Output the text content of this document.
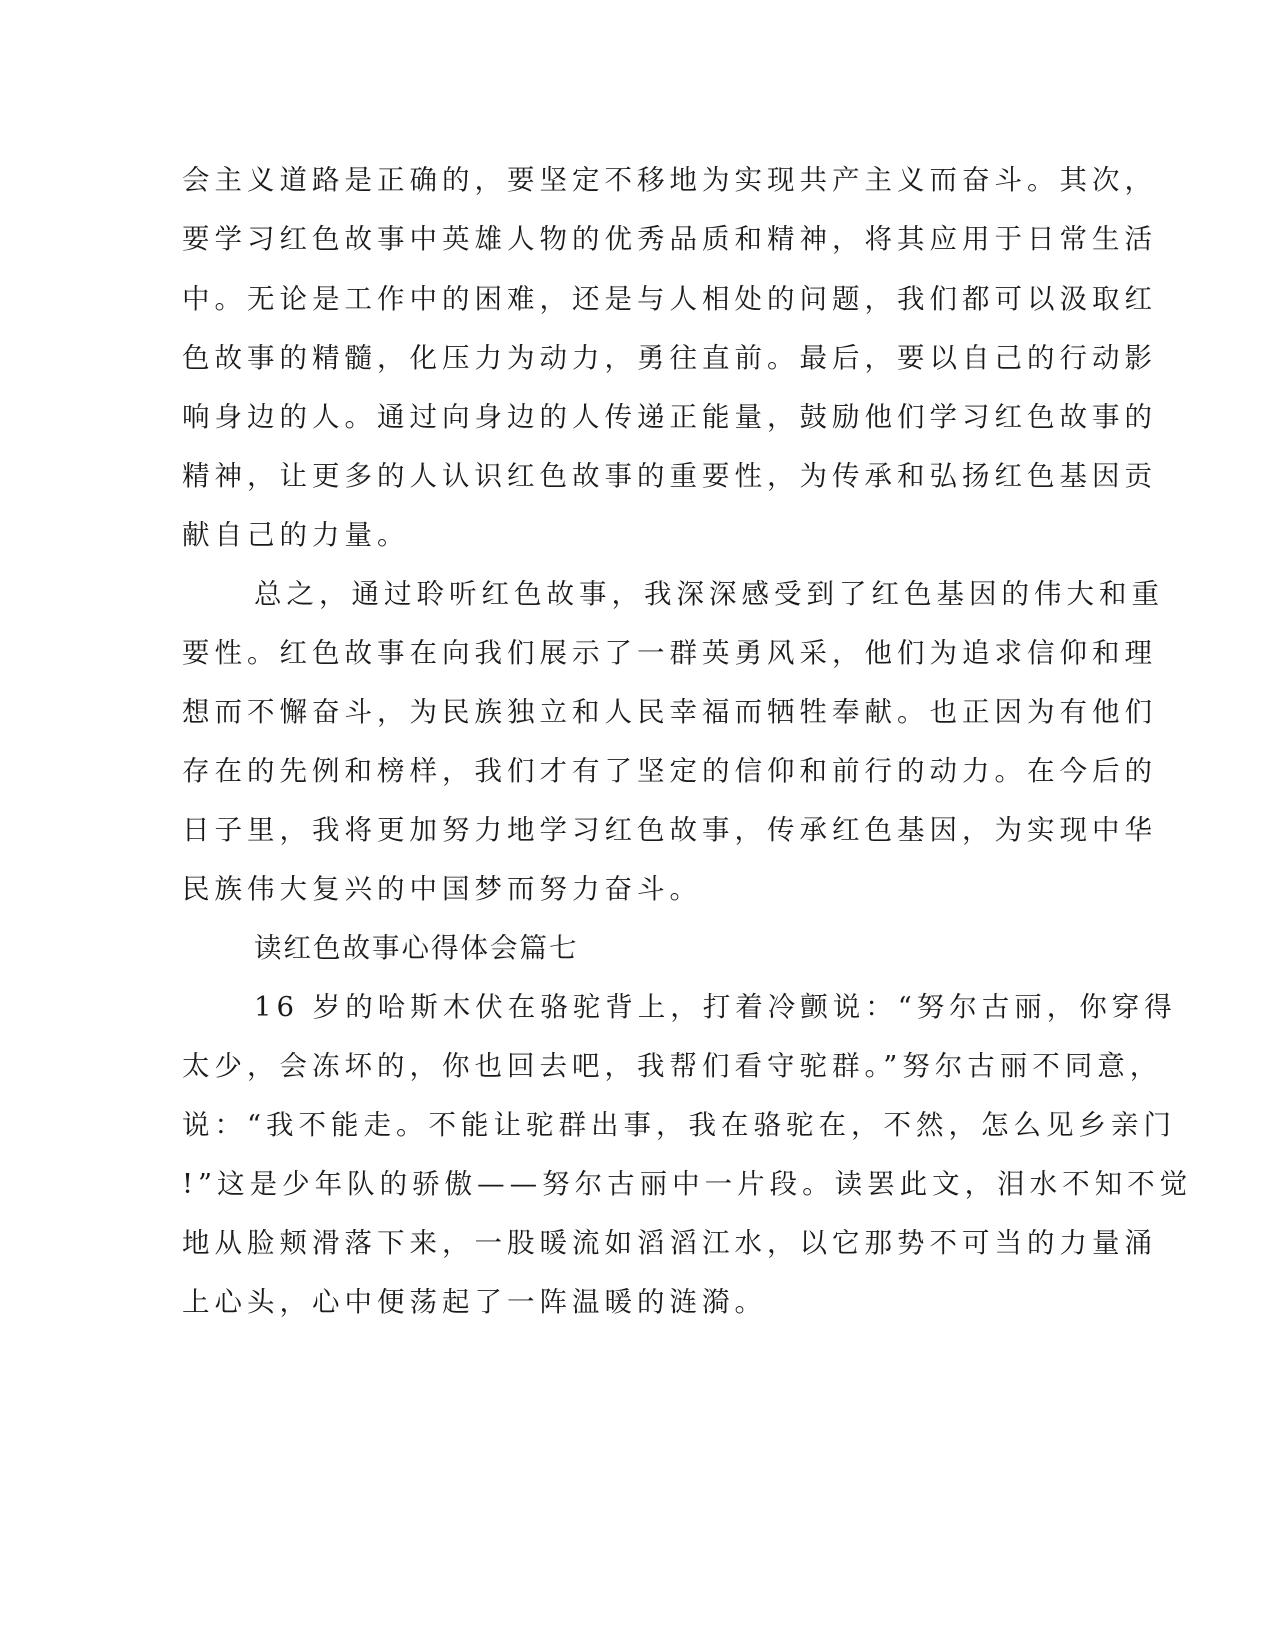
会主义道路是正确的，要坚定不移地为实现共产主义而奋斗。其次，
要学习红色故事中英雄人物的优秀品质和精神，将其应用于日常生活
中。无论是工作中的困难，还是与人相处的问题，我们都可以汲取红
色故事的精髓，化压力为动力，勇往直前。最后，要以自己的行动影
响身边的人。通过向身边的人传递正能量，鼓励他们学习红色故事的
精神，让更多的人认识红色故事的重要性，为传承和弘扬红色基因贡
献自己的力量。
总之，通过聆听红色故事，我深深感受到了红色基因的伟大和重
要性。红色故事在向我们展示了一群英勇风采，他们为追求信仰和理
想而不懈奋斗，为民族独立和人民幸福而牺牲奉献。也正因为有他们
存在的先例和榜样，我们才有了坚定的信仰和前行的动力。在今后的
日子里，我将更加努力地学习红色故事，传承红色基因，为实现中华
民族伟大复兴的中国梦而努力奋斗。
读红色故事心得体会篇七
16 岁的哈斯木伏在骆驼背上，打着冷颤说：“努尔古丽，你穿得
太少，会冻坏的，你也回去吧，我帮们看守驼群。”努尔古丽不同意，
说：“我不能走。不能让驼群出事，我在骆驼在，不然，怎么见乡亲门
!”这是少年队的骄傲——努尔古丽中一片段。读罢此文，泪水不知不觉
地从脸颊滑落下来，一股暖流如滔滔江水，以它那势不可当的力量涌
上心头，心中便荡起了一阵温暖的涟漪。
